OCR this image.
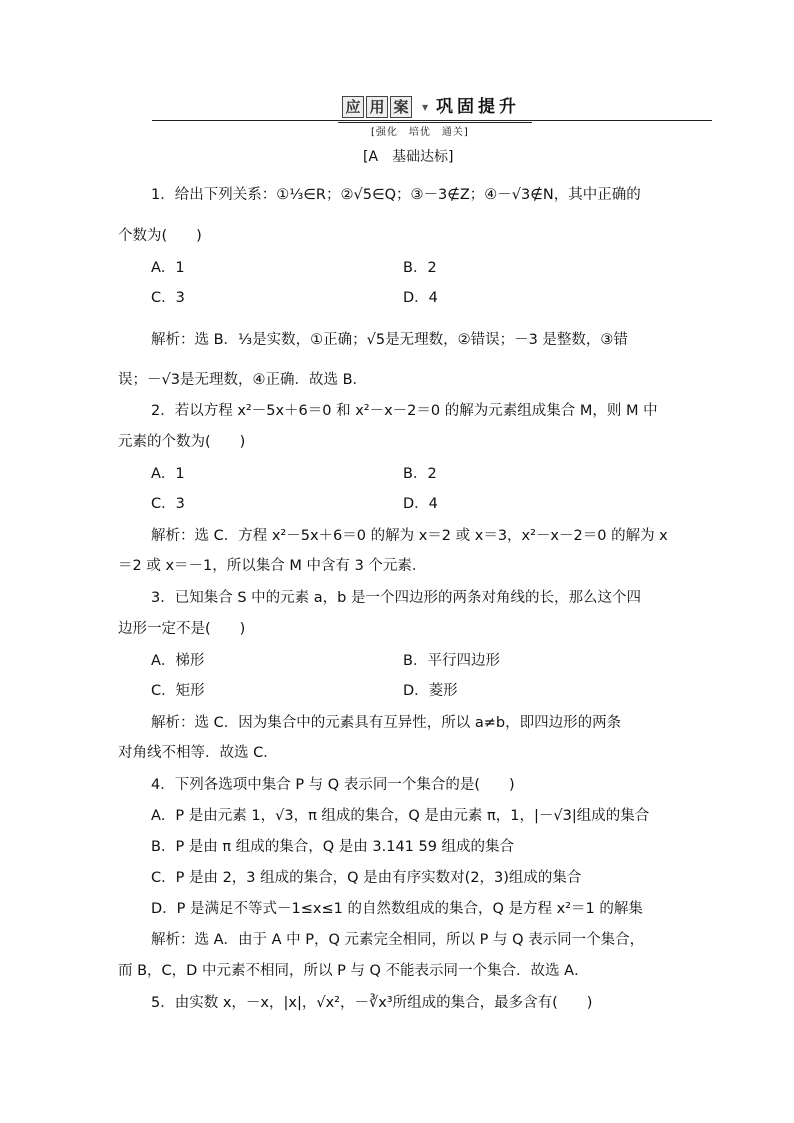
应 用 案	▼ 巩固提升
[强化　培优　通关]
[A　基础达标]
1．给出下列关系：①⅓∈R；②√5∈Q；③－3∉Z；④－√3∉N，其中正确的
个数为(　　)
A．1	B．2
C．3	D．4
解析：选 B．⅓是实数，①正确；√5是无理数，②错误；－3 是整数，③错
误；－√3是无理数，④正确．故选 B．
2．若以方程 x²－5x＋6＝0 和 x²－x－2＝0 的解为元素组成集合 M，则 M 中
元素的个数为(　　)
A．1	B．2
C．3	D．4
解析：选 C．方程 x²－5x＋6＝0 的解为 x＝2 或 x＝3，x²－x－2＝0 的解为 x
＝2 或 x＝－1，所以集合 M 中含有 3 个元素．
3．已知集合 S 中的元素 a，b 是一个四边形的两条对角线的长，那么这个四
边形一定不是(　　)
A．梯形	B．平行四边形
C．矩形	D．菱形
解析：选 C．因为集合中的元素具有互异性，所以 a≠b，即四边形的两条
对角线不相等．故选 C．
4．下列各选项中集合 P 与 Q 表示同一个集合的是(　　)
A．P 是由元素 1，√3，π 组成的集合，Q 是由元素 π，1，|－√3|组成的集合
B．P 是由 π 组成的集合，Q 是由 3.141 59 组成的集合
C．P 是由 2，3 组成的集合，Q 是由有序实数对(2，3)组成的集合
D．P 是满足不等式－1≤x≤1 的自然数组成的集合，Q 是方程 x²＝1 的解集
解析：选 A．由于 A 中 P，Q 元素完全相同，所以 P 与 Q 表示同一个集合，
而 B，C，D 中元素不相同，所以 P 与 Q 不能表示同一个集合．故选 A．
5．由实数 x，－x，|x|，√x²，－∛x³所组成的集合，最多含有(　　)
